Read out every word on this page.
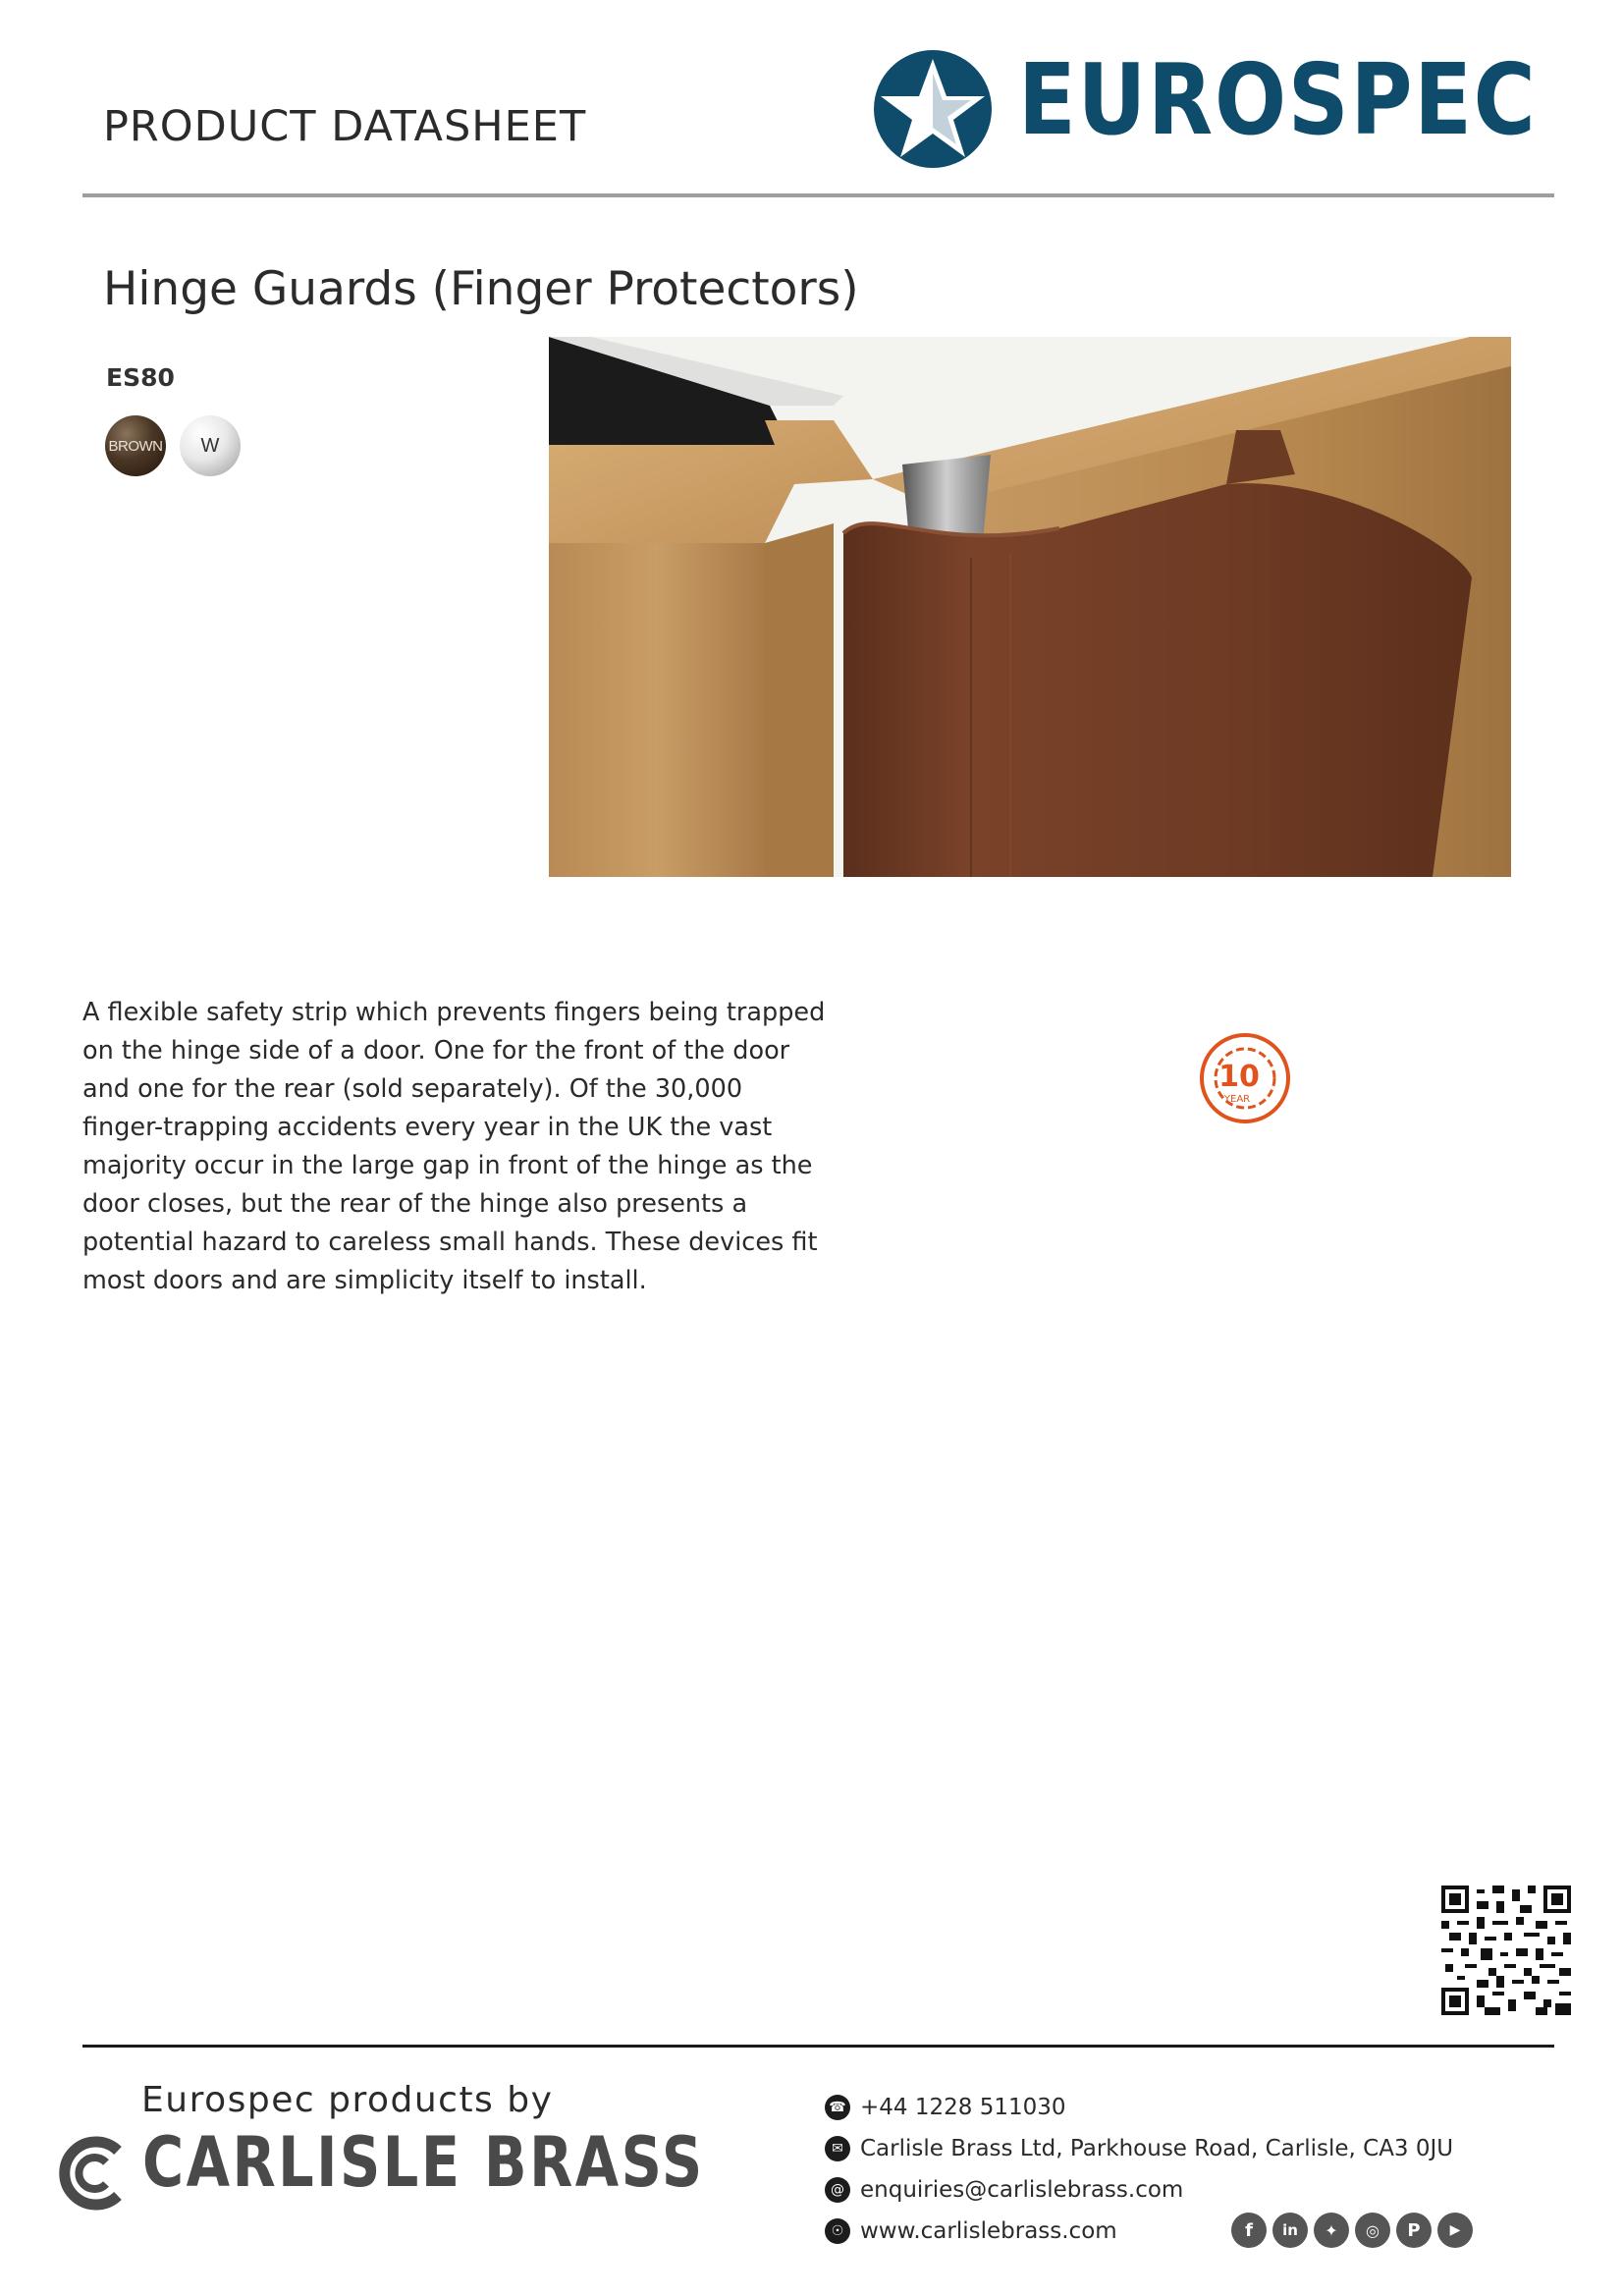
PRODUCT DATASHEET	EUROSPEC
Hinge Guards (Finger Protectors)
ES80
BROWN W
A flexible safety strip which prevents fingers being trapped on the hinge side of a door. One for the front of the door and one for the rear (sold separately). Of the 30,000 finger-trapping accidents every year in the UK the vast majority occur in the large gap in front of the hinge as the door closes, but the rear of the hinge also presents a potential hazard to careless small hands. These devices fit most doors and are simplicity itself to install.
10
YEAR
Eurospec products by
CARLISLE BRASS
☎ +44 1228 511030
✉ Carlisle Brass Ltd, Parkhouse Road, Carlisle, CA3 0JU
@ enquiries@carlislebrass.com
☉ www.carlislebrass.com	f	in	✦	◎	P	▶
